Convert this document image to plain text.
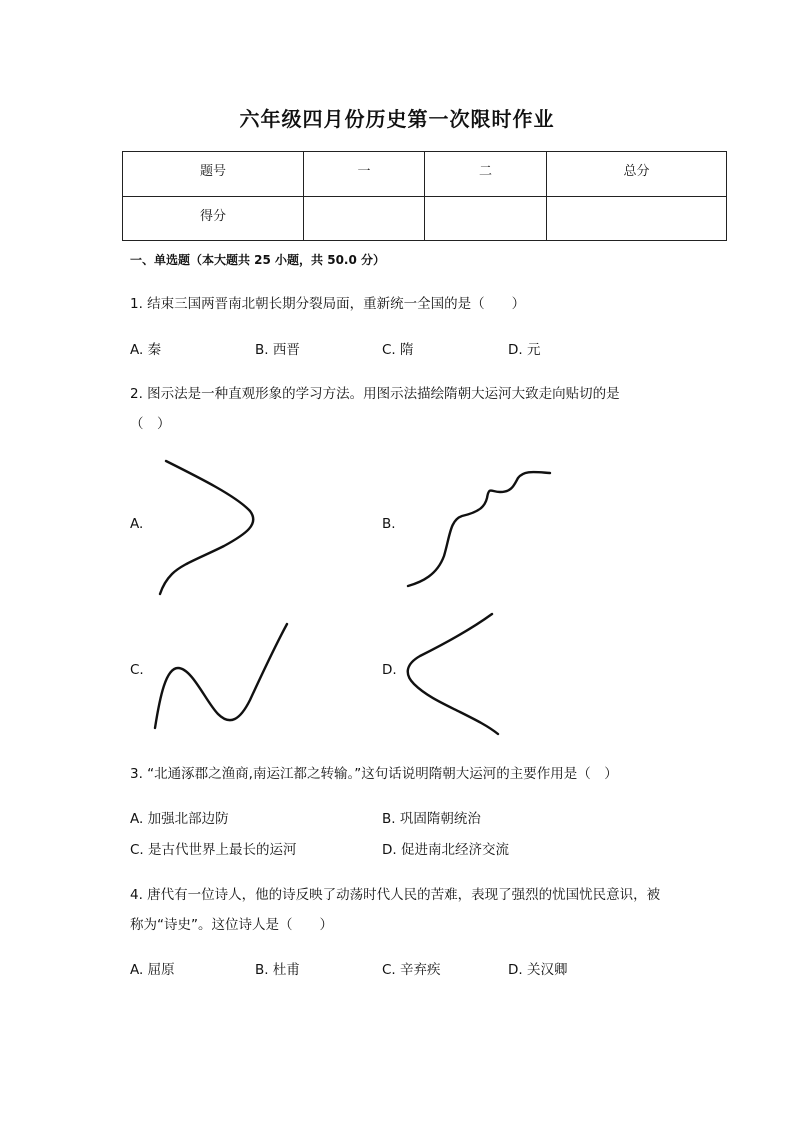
六年级四月份历史第一次限时作业
题号	一	二	总分
得分			
一、单选题（本大题共 25 小题，共 50.0 分）
1. 结束三国两晋南北朝长期分裂局面，重新统一全国的是（　　）
A. 秦	B. 西晋	C. 隋	D. 元
2. 图示法是一种直观形象的学习方法。用图示法描绘隋朝大运河大致走向贴切的是
（　）
A.	B.
C.	D.
3. “北通涿郡之渔商,南运江都之转输。”这句话说明隋朝大运河的主要作用是（　）
A. 加强北部边防	B. 巩固隋朝统治
C. 是古代世界上最长的运河	D. 促进南北经济交流
4. 唐代有一位诗人，他的诗反映了动荡时代人民的苦难，表现了强烈的忧国忧民意识，被
称为“诗史”。这位诗人是（　　）
A. 屈原	B. 杜甫	C. 辛弃疾	D. 关汉卿
